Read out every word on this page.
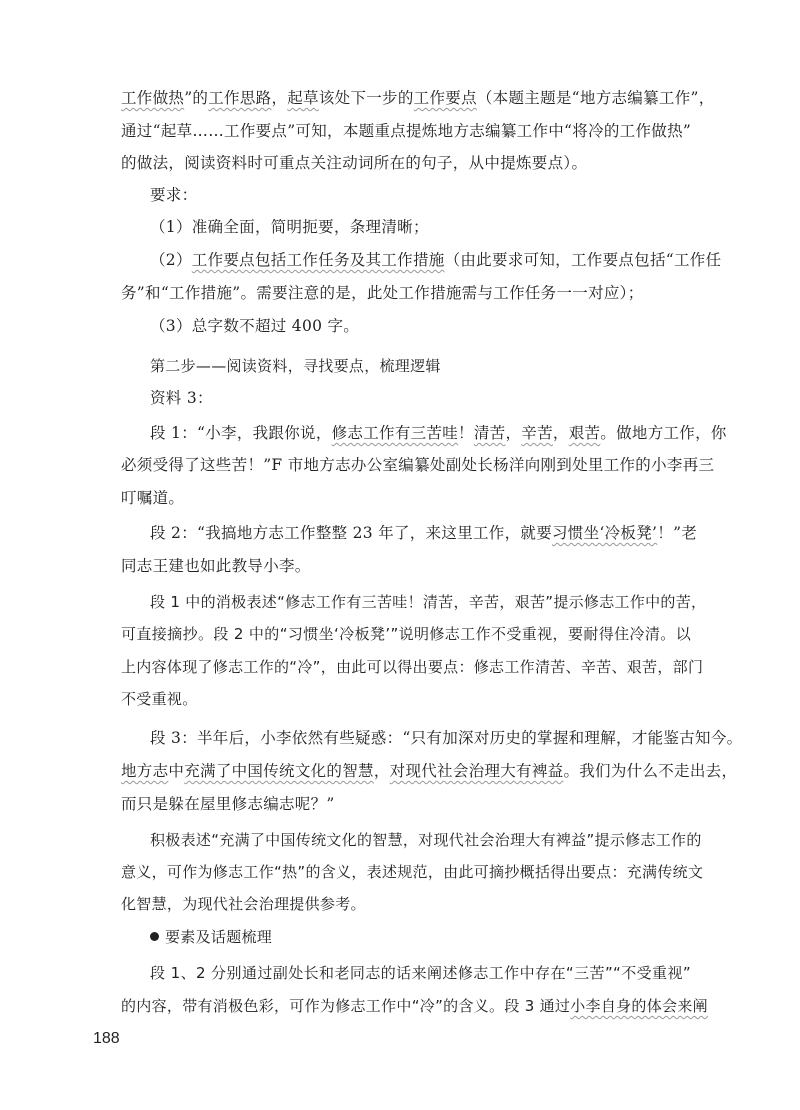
工作做热”的工作思路，起草该处下一步的工作要点（本题主题是“地方志编纂工作”，
通过“起草……工作要点”可知，本题重点提炼地方志编纂工作中“将冷的工作做热”
的做法，阅读资料时可重点关注动词所在的句子，从中提炼要点）。
要求：
（1）准确全面，简明扼要，条理清晰；
（2）工作要点包括工作任务及其工作措施（由此要求可知，工作要点包括“工作任
务”和“工作措施”。需要注意的是，此处工作措施需与工作任务一一对应）；
（3）总字数不超过 400 字。
第二步——阅读资料，寻找要点，梳理逻辑
资料 3：
段 1：“小李，我跟你说，修志工作有三苦哇！清苦，辛苦，艰苦。做地方工作，你
必须受得了这些苦！”F 市地方志办公室编纂处副处长杨洋向刚到处里工作的小李再三
叮嘱道。
段 2：“我搞地方志工作整整 23 年了，来这里工作，就要习惯坐‘冷板凳’！”老
同志王建也如此教导小李。
段 1 中的消极表述“修志工作有三苦哇！清苦，辛苦，艰苦”提示修志工作中的苦，
可直接摘抄。段 2 中的“习惯坐‘冷板凳’”说明修志工作不受重视，要耐得住冷清。以
上内容体现了修志工作的“冷”，由此可以得出要点：修志工作清苦、辛苦、艰苦，部门
不受重视。
段 3：半年后，小李依然有些疑惑：“只有加深对历史的掌握和理解，才能鉴古知今。
地方志中充满了中国传统文化的智慧，对现代社会治理大有裨益。我们为什么不走出去，
而只是躲在屋里修志编志呢？”
积极表述“充满了中国传统文化的智慧，对现代社会治理大有裨益”提示修志工作的
意义，可作为修志工作“热”的含义，表述规范，由此可摘抄概括得出要点：充满传统文
化智慧，为现代社会治理提供参考。
要素及话题梳理
段 1、2 分别通过副处长和老同志的话来阐述修志工作中存在“三苦”“不受重视”
的内容，带有消极色彩，可作为修志工作中“冷”的含义。段 3 通过小李自身的体会来阐
188
